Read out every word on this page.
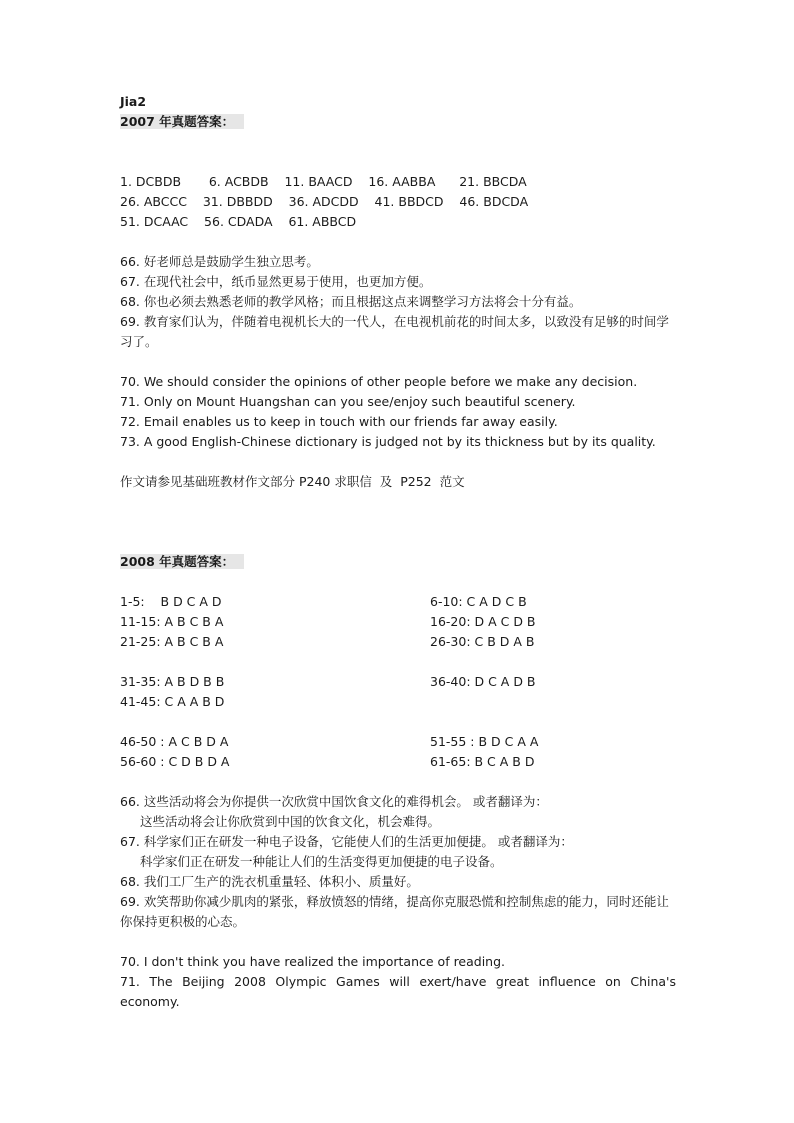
Jia2
2007 年真题答案：
1. DCBDB       6. ACBDB    11. BAACD    16. AABBA      21. BBCDA
26. ABCCC    31. DBBDD    36. ADCDD    41. BBDCD    46. BDCDA
51. DCAAC    56. CDADA    61. ABBCD
66. 好老师总是鼓励学生独立思考。
67. 在现代社会中，纸币显然更易于使用，也更加方便。
68. 你也必须去熟悉老师的教学风格；而且根据这点来调整学习方法将会十分有益。
69. 教育家们认为，伴随着电视机长大的一代人，在电视机前花的时间太多，以致没有足够的时间学习了。
70. We should consider the opinions of other people before we make any decision.
71. Only on Mount Huangshan can you see/enjoy such beautiful scenery.
72. Email enables us to keep in touch with our friends far away easily.
73. A good English-Chinese dictionary is judged not by its thickness but by its quality.
作文请参见基础班教材作文部分 P240 求职信  及  P252  范文
2008 年真题答案：
1-5:    B D C A D	6-10: C A D C B
11-15: A B C B A	16-20: D A C D B
21-25: A B C B A	26-30: C B D A B
31-35: A B D B B	36-40: D C A D B
41-45: C A A B D
46-50 : A C B D A	51-55 : B D C A A
56-60 : C D B D A	61-65: B C A B D
66. 这些活动将会为你提供一次欣赏中国饮食文化的难得机会。 或者翻译为：
这些活动将会让你欣赏到中国的饮食文化，机会难得。
67. 科学家们正在研发一种电子设备，它能使人们的生活更加便捷。 或者翻译为：
科学家们正在研发一种能让人们的生活变得更加便捷的电子设备。
68. 我们工厂生产的洗衣机重量轻、体积小、质量好。
69. 欢笑帮助你减少肌肉的紧张，释放愤怒的情绪，提高你克服恐慌和控制焦虑的能力，同时还能让你保持更积极的心态。
70. I don't think you have realized the importance of reading.
71. The Beijing 2008 Olympic Games will exert/have great influence on China's economy.
